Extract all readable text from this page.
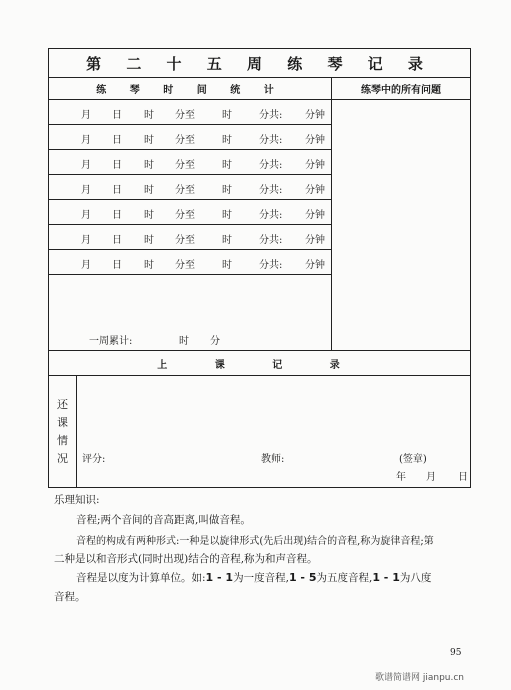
第 二 十 五 周 练 琴 记 录
练 琴 时 间 统 计
月 日 时 分至	时	分共: 分钟
月 日 时 分至	时	分共: 分钟
月 日 时 分至	时	分共: 分钟
月 日 时 分至	时	分共: 分钟
月 日 时 分至	时	分共: 分钟
月 日 时 分至	时	分共: 分钟
月 日 时 分至	时	分共: 分钟
一周累计:	时 分
练琴中的所有问题
上 课 记 录
还
课
情
况 评分:	教师:	(签章)
年 月 日

乐理知识:

音程;两个音间的音高距离,叫做音程。

音程的构成有两种形式:一种是以旋律形式(先后出现)结合的音程,称为旋律音程;第

二种是以和音形式(同时出现)结合的音程,称为和声音程。

音程是以度为计算单位。如:1 - 1为一度音程,1 - 5为五度音程,1 - 1为八度

音程。

95
歌谱简谱网 jianpu.cn
